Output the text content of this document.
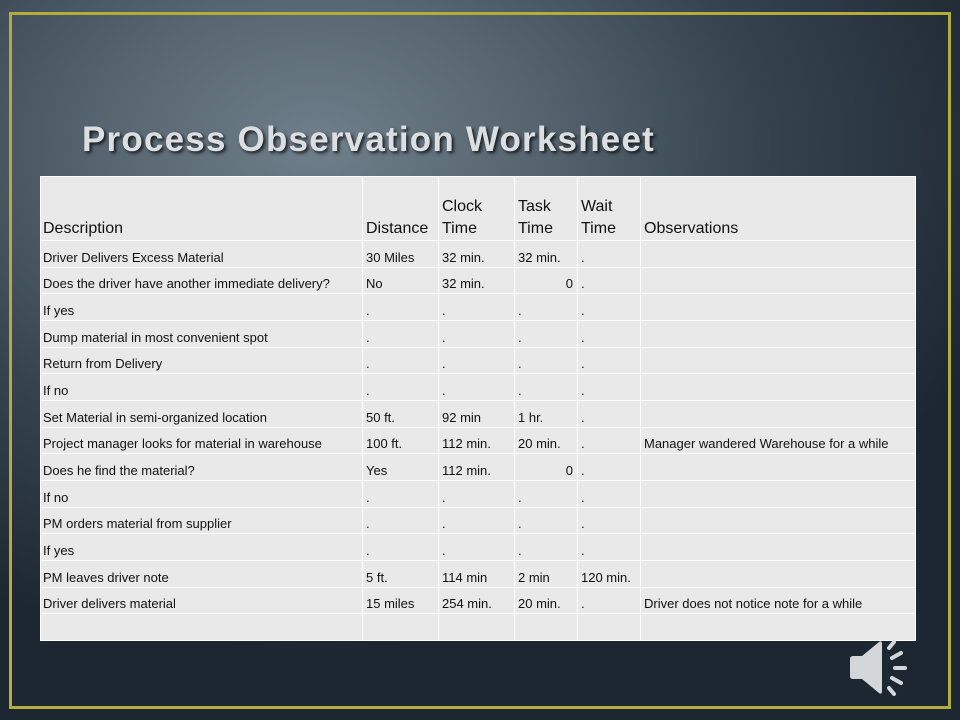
Process Observation Worksheet
Description	Distance	Clock Time	Task Time	Wait Time	Observations
Driver Delivers Excess Material	30 Miles	32 min.	32 min.	.	
Does the driver have another immediate delivery?	No	32 min.	0	.	
If yes	.	.	.	.	
Dump material in most convenient spot	.	.	.	.	
Return from Delivery	.	.	.	.	
If no	.	.	.	.	
Set Material in semi-organized location	50 ft.	92 min	1 hr.	.	
Project manager looks for material in warehouse	100 ft.	112 min.	20 min.	.	Manager wandered Warehouse for a while
Does he find the material?	Yes	112 min.	0	.	
If no	.	.	.	.	
PM orders material from supplier	.	.	.	.	
If yes	.	.	.	.	
PM leaves driver note	5 ft.	114 min	2 min	120 min.	
Driver delivers material	15 miles	254 min.	20 min.	.	Driver does not notice note for a while
